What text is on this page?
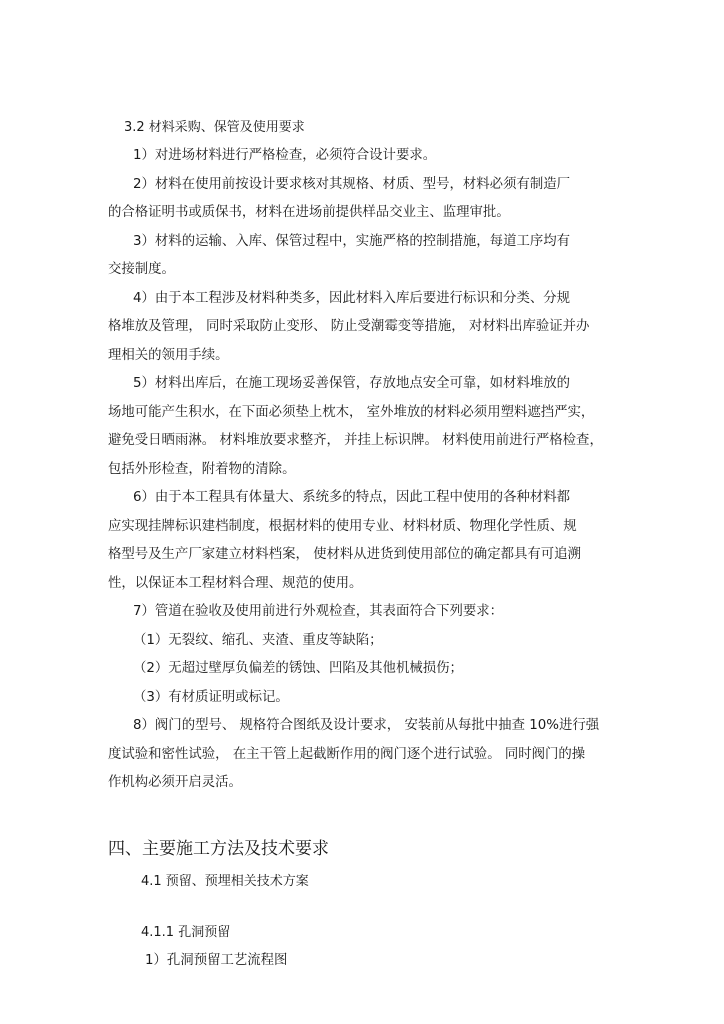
3.2 材料采购、保管及使用要求
1）对进场材料进行严格检查，必须符合设计要求。
2）材料在使用前按设计要求核对其规格、材质、型号，材料必须有制造厂
的合格证明书或质保书，材料在进场前提供样品交业主、监理审批。
3）材料的运输、入库、保管过程中，实施严格的控制措施，每道工序均有
交接制度。
4）由于本工程涉及材料种类多，因此材料入库后要进行标识和分类、分规
格堆放及管理， 同时采取防止变形、 防止受潮霉变等措施， 对材料出库验证并办
理相关的领用手续。
5）材料出库后，在施工现场妥善保管，存放地点安全可靠，如材料堆放的
场地可能产生积水，在下面必须垫上枕木， 室外堆放的材料必须用塑料遮挡严实，
避免受日晒雨淋。 材料堆放要求整齐， 并挂上标识牌。 材料使用前进行严格检查，
包括外形检查，附着物的清除。
6）由于本工程具有体量大、系统多的特点，因此工程中使用的各种材料都
应实现挂牌标识建档制度，根据材料的使用专业、材料材质、物理化学性质、规
格型号及生产厂家建立材料档案， 使材料从进货到使用部位的确定都具有可追溯
性，以保证本工程材料合理、规范的使用。
7）管道在验收及使用前进行外观检查，其表面符合下列要求：
（1）无裂纹、缩孔、夹渣、重皮等缺陷；
（2）无超过壁厚负偏差的锈蚀、凹陷及其他机械损伤；
（3）有材质证明或标记。
8）阀门的型号、 规格符合图纸及设计要求， 安装前从每批中抽查 10%进行强
度试验和密性试验， 在主干管上起截断作用的阀门逐个进行试验。 同时阀门的操
作机构必须开启灵活。
四、主要施工方法及技术要求
4.1 预留、预埋相关技术方案
4.1.1 孔洞预留
1）孔洞预留工艺流程图
